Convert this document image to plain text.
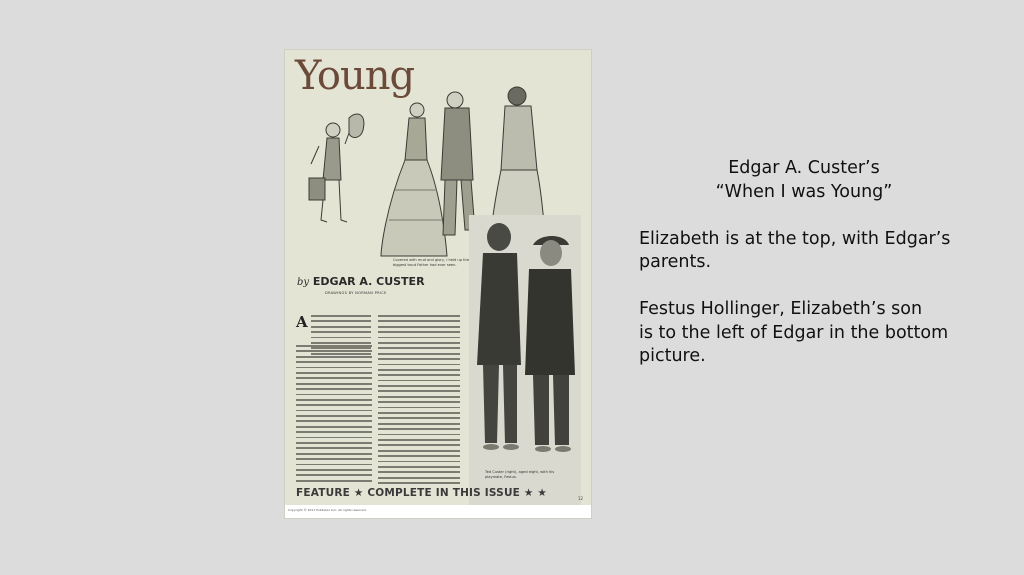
Young
Covered with mud and glory, I held up the biggest trout Father had ever seen.
by EDGAR A. CUSTER
DRAWINGS BY NORMAN PRICE
A
Ted Custer (right), aged eight, with his playmate, Festus.
FEATURE ★ COMPLETE IN THIS ISSUE ★ ★	12
Copyright © 2017 Publisher LLC. All rights reserved.

Edgar A. Custer’s

“When I was Young”

Elizabeth is at the top, with Edgar’s

parents.

Festus Hollinger, Elizabeth’s son

is to the left of Edgar in the bottom

picture.
